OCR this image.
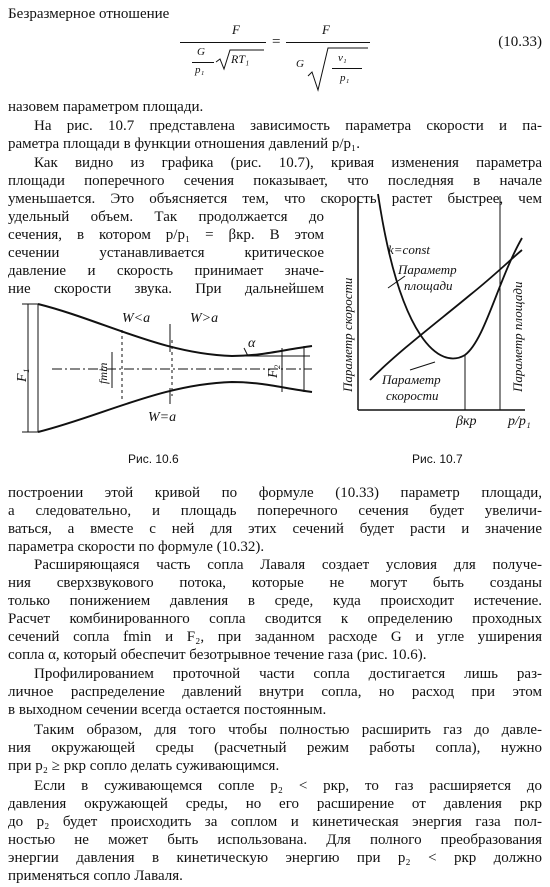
Безразмерное отношение
F
G
p₁
RT₁
=
F
G	v₁
p₁
(10.33)
назовем параметром площади.
На рис. 10.7 представлена зависимость параметра скорости и па-
раметра площади в функции отношения давлений p/p₁.
Как видно из графика (рис. 10.7), кривая изменения параметра
площади поперечного сечения показывает, что последняя в начале
уменьшается. Это объясняется тем, что скорость растет быстрее, чем
удельный объем. Так продолжается до
сечения, в котором p/p₁ = βкр. В этом
сечении устанавливается критическое
давление и скорость принимает значе-
ние скорости звука. При дальнейшем
W<a	W>a
W=a
α
F₁	fmin	F₂
Рис. 10.6
k=const
Параметр
площади
Параметр
скорости
Параметр скорости	Параметр площади
βкр p/p₁
Рис. 10.7
построении этой кривой по формуле (10.33) параметр площади,
а следовательно, и площадь поперечного сечения будет увеличи-
ваться, а вместе с ней для этих сечений будет расти и значение
параметра скорости по формуле (10.32).
Расширяющаяся часть сопла Лаваля создает условия для получе-
ния сверхзвукового потока, которые не могут быть созданы
только понижением давления в среде, куда происходит истечение.
Расчет комбинированного сопла сводится к определению проходных
сечений сопла fmin и F₂, при заданном расходе G и угле уширения
сопла α, который обеспечит безотрывное течение газа (рис. 10.6).
Профилированием проточной части сопла достигается лишь раз-
личное распределение давлений внутри сопла, но расход при этом
в выходном сечении всегда остается постоянным.
Таким образом, для того чтобы полностью расширить газ до давле-
ния окружающей среды (расчетный режим работы сопла), нужно
при p₂ ≥ pкр сопло делать суживающимся.
Если в суживающемся сопле p₂ < pкр, то газ расширяется до
давления окружающей среды, но его расширение от давления pкр
до p₂ будет происходить за соплом и кинетическая энергия газа пол-
ностью не может быть использована. Для полного преобразования
энергии давления в кинетическую энергию при p₂ < pкр должно
применяться сопло Лаваля.
